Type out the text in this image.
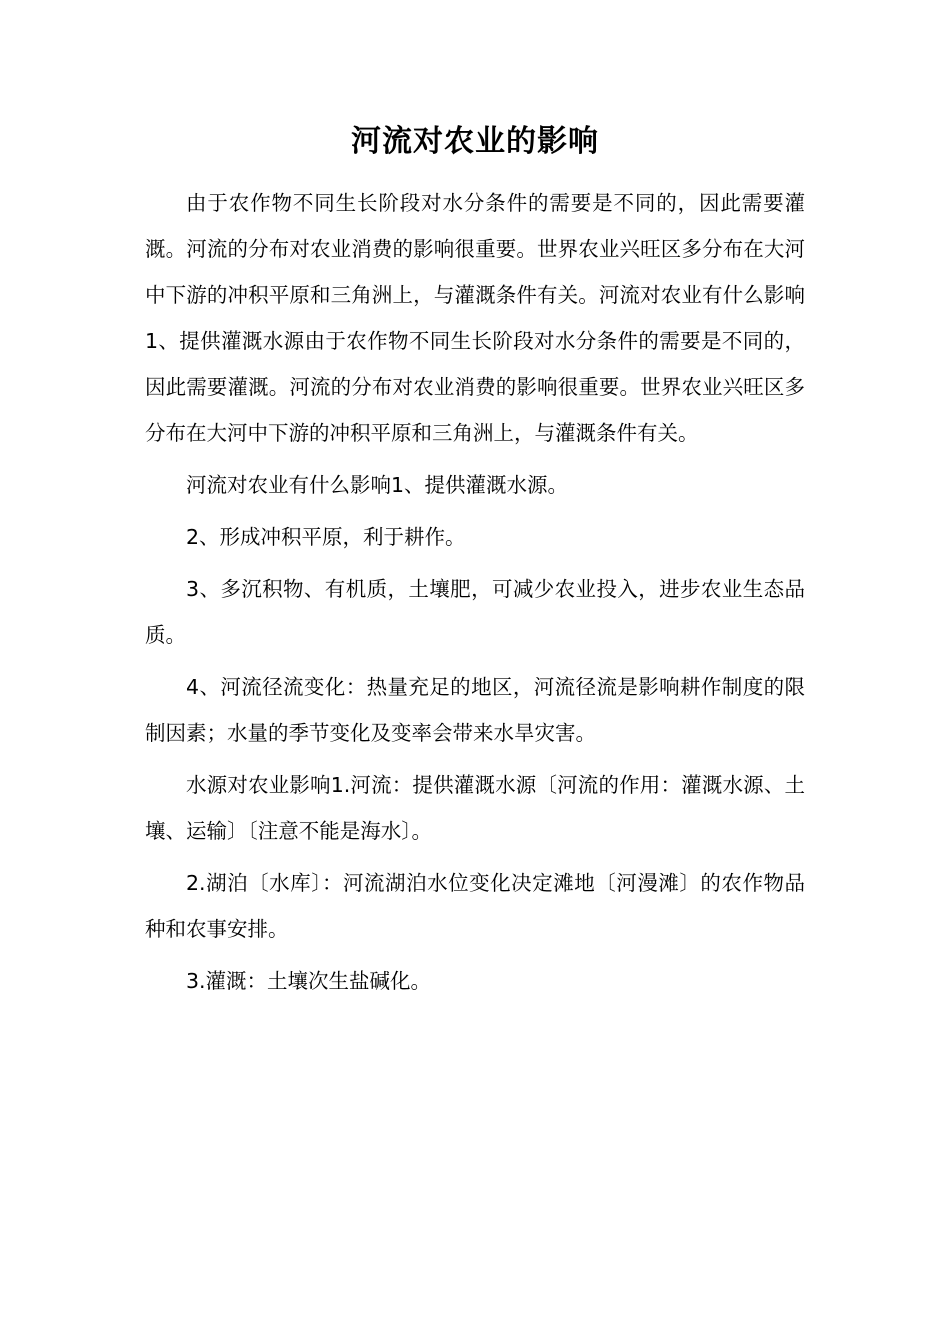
河流对农业的影响

由于农作物不同生长阶段对水分条件的需要是不同的，因此需要灌溉。河流的分布对农业消费的影响很重要。世界农业兴旺区多分布在大河中下游的冲积平原和三角洲上，与灌溉条件有关。河流对农业有什么影响1、提供灌溉水源由于农作物不同生长阶段对水分条件的需要是不同的，因此需要灌溉。河流的分布对农业消费的影响很重要。世界农业兴旺区多分布在大河中下游的冲积平原和三角洲上，与灌溉条件有关。

河流对农业有什么影响1、提供灌溉水源。

2、形成冲积平原，利于耕作。

3、多沉积物、有机质，土壤肥，可减少农业投入，进步农业生态品质。

4、河流径流变化：热量充足的地区，河流径流是影响耕作制度的限制因素；水量的季节变化及变率会带来水旱灾害。

水源对农业影响1.河流：提供灌溉水源〔河流的作用：灌溉水源、土壤、运输〕〔注意不能是海水〕。

2.湖泊〔水库〕：河流湖泊水位变化决定滩地〔河漫滩〕的农作物品种和农事安排。

3.灌溉：土壤次生盐碱化。
